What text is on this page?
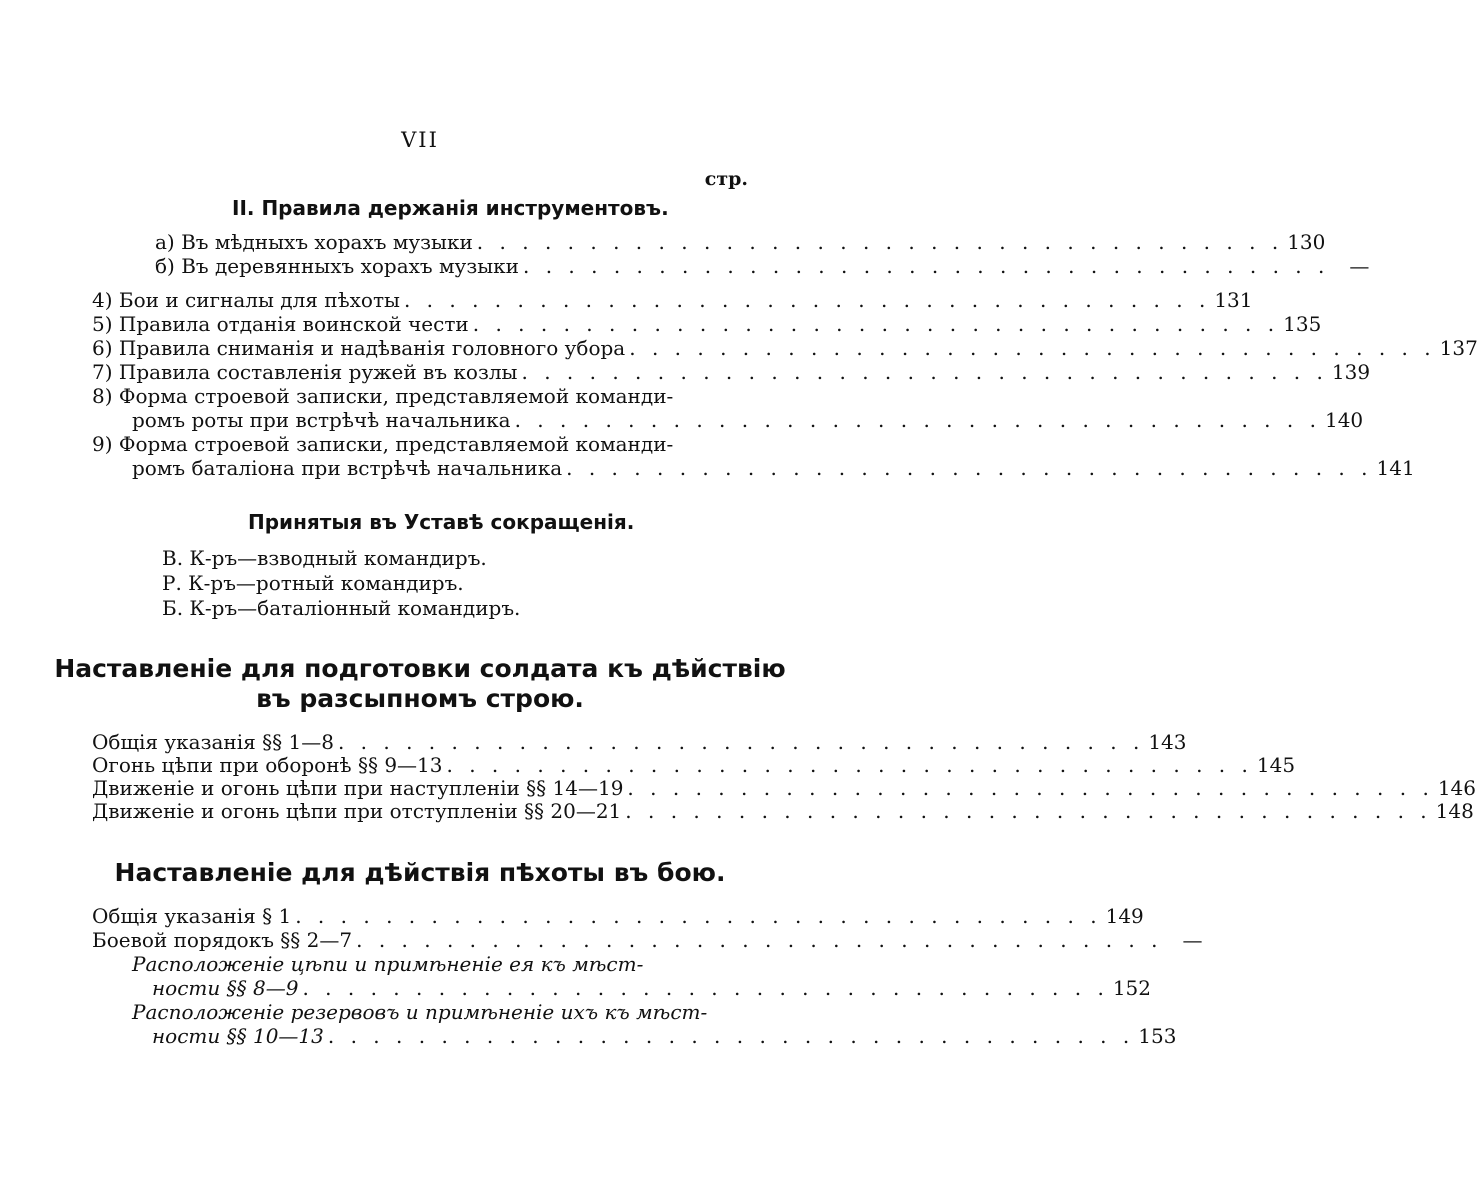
VII
стр.
II. Правила держанія инструментовъ.
а) Въ мѣдныхъ хорахъ музыки . . . . . . . . . . . . . . . . . . . . . . . . . . . . . . . . . . . . 130
б) Въ деревянныхъ хорахъ музыки . . . . . . . . . . . . . . . . . . . . . . . . . . . . . . . . . . . .	—
4) Бои и сигналы для пѣхоты . . . . . . . . . . . . . . . . . . . . . . . . . . . . . . . . . . . . 131
5) Правила отданія воинской чести . . . . . . . . . . . . . . . . . . . . . . . . . . . . . . . . . . . . 135
6) Правила сниманія и надѣванія головного убора . . . . . . . . . . . . . . . . . . . . . . . . . . . . . . . . . . . . 137
7) Правила составленія ружей въ козлы . . . . . . . . . . . . . . . . . . . . . . . . . . . . . . . . . . . . 139
8) Форма строевой записки, представляемой команди-
ромъ роты при встрѣчѣ начальника . . . . . . . . . . . . . . . . . . . . . . . . . . . . . . . . . . . . 140
9) Форма строевой записки, представляемой команди-
ромъ баталіона при встрѣчѣ начальника . . . . . . . . . . . . . . . . . . . . . . . . . . . . . . . . . . . . 141
Принятыя въ Уставѣ сокращенія.
В. К-ръ—взводный командиръ.
Р. К-ръ—ротный командиръ.
Б. К-ръ—баталіонный командиръ.
Наставленіе для подготовки солдата къ дѣйствію
въ разсыпномъ строю.
Общія указанія §§ 1—8 . . . . . . . . . . . . . . . . . . . . . . . . . . . . . . . . . . . . 143
Огонь цѣпи при оборонѣ §§ 9—13 . . . . . . . . . . . . . . . . . . . . . . . . . . . . . . . . . . . . 145
Движеніе и огонь цѣпи при наступленіи §§ 14—19 . . . . . . . . . . . . . . . . . . . . . . . . . . . . . . . . . . . . 146
Движеніе и огонь цѣпи при отступленіи §§ 20—21 . . . . . . . . . . . . . . . . . . . . . . . . . . . . . . . . . . . . 148
Наставленіе для дѣйствія пѣхоты въ бою.
Общія указанія § 1 . . . . . . . . . . . . . . . . . . . . . . . . . . . . . . . . . . . . 149
Боевой порядокъ §§ 2—7 . . . . . . . . . . . . . . . . . . . . . . . . . . . . . . . . . . . .	—
Расположеніе цѣпи и примѣненіе ея къ мѣст-
ности §§ 8—9 . . . . . . . . . . . . . . . . . . . . . . . . . . . . . . . . . . . . 152
Расположеніе резервовъ и примѣненіе ихъ къ мѣст-
ности §§ 10—13 . . . . . . . . . . . . . . . . . . . . . . . . . . . . . . . . . . . . 153
